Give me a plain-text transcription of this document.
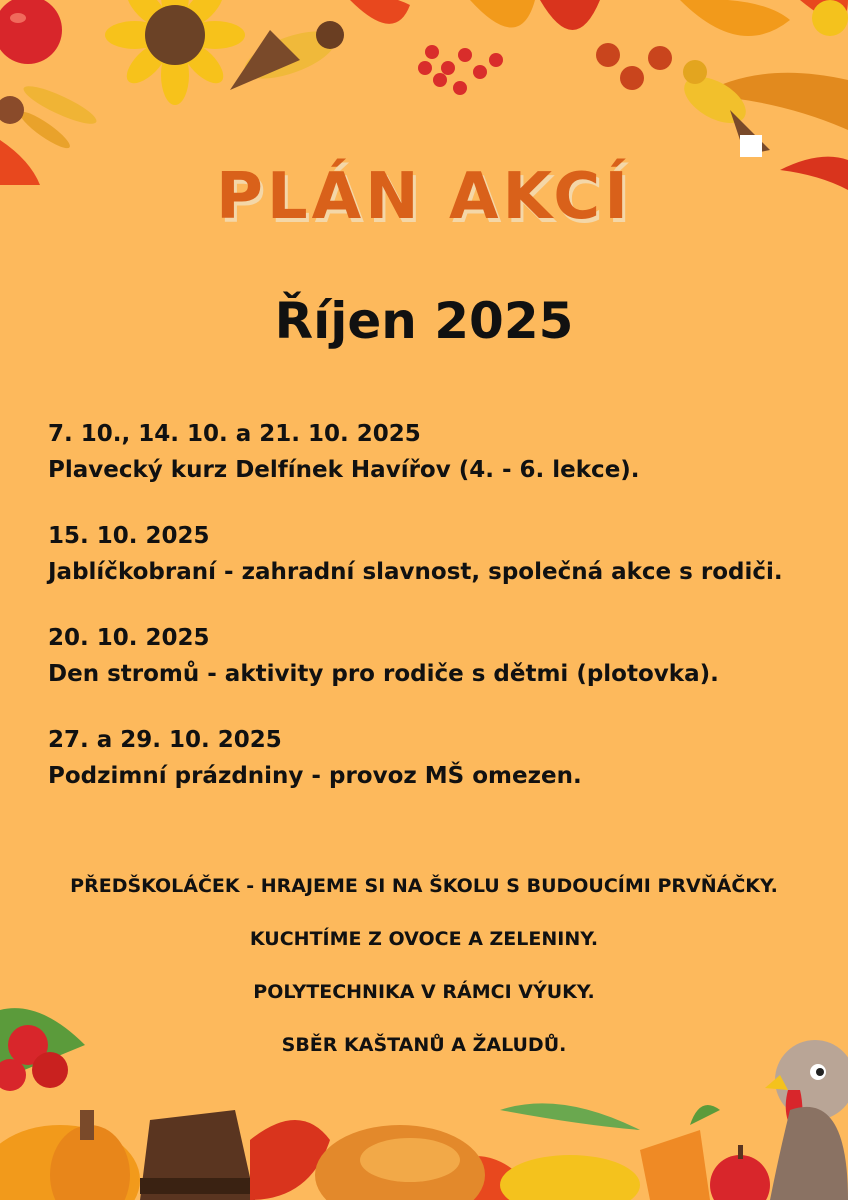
PLÁN AKCÍ
Říjen 2025
7. 10., 14. 10. a 21. 10. 2025
Plavecký kurz Delfínek Havířov (4. - 6. lekce).
15. 10. 2025
Jablíčkobraní - zahradní slavnost, společná akce s rodiči.
20. 10. 2025
Den stromů - aktivity pro rodiče s dětmi (plotovka).
27. a 29. 10. 2025
Podzimní prázdniny - provoz MŠ omezen.
PŘEDŠKOLÁČEK - HRAJEME SI NA ŠKOLU S BUDOUCÍMI PRVŇÁČKY.
KUCHTÍME Z OVOCE A ZELENINY.
POLYTECHNIKA V RÁMCI VÝUKY.
SBĚR KAŠTANŮ A ŽALUDŮ.
